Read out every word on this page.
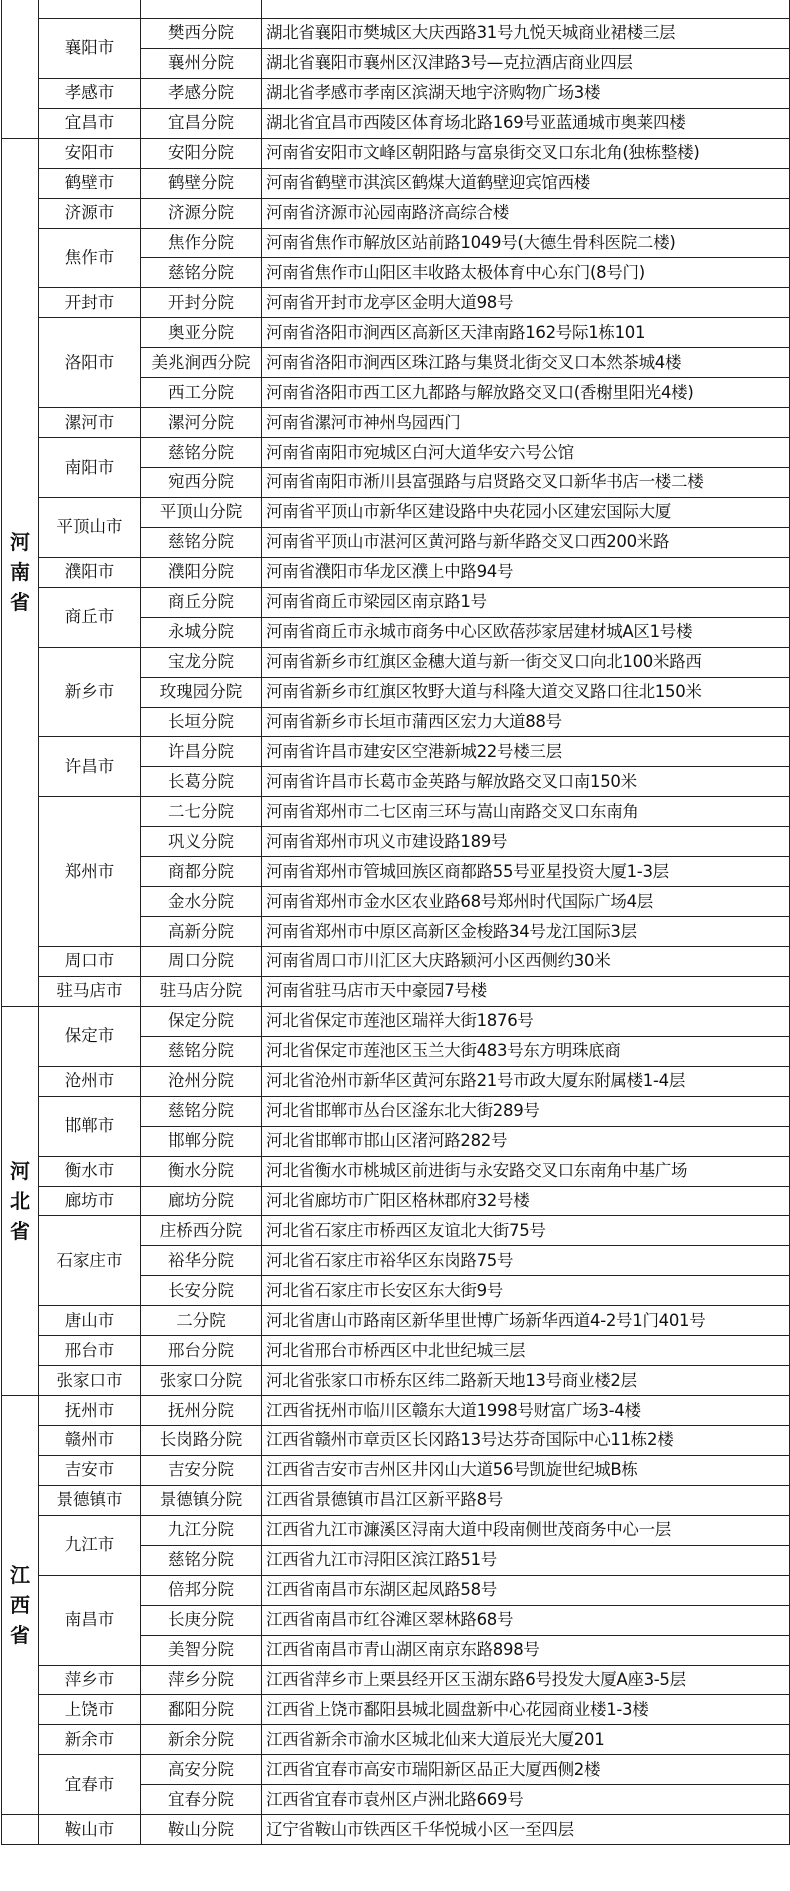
	襄阳市	樊西分院	湖北省襄阳市樊城区大庆西路31号九悦天城商业裙楼三层
		襄州分院	湖北省襄阳市襄州区汉津路3号—克拉酒店商业四层
	孝感市	孝感分院	湖北省孝感市孝南区滨湖天地宇济购物广场3楼
	宜昌市	宜昌分院	湖北省宜昌市西陵区体育场北路169号亚蓝通城市奥莱四楼
河南省	安阳市	安阳分院	河南省安阳市文峰区朝阳路与富泉街交叉口东北角(独栋整楼)
	鹤壁市	鹤壁分院	河南省鹤壁市淇滨区鹤煤大道鹤壁迎宾馆西楼
	济源市	济源分院	河南省济源市沁园南路济高综合楼
	焦作市	焦作分院	河南省焦作市解放区站前路1049号(大德生骨科医院二楼)
		慈铭分院	河南省焦作市山阳区丰收路太极体育中心东门(8号门)
	开封市	开封分院	河南省开封市龙亭区金明大道98号
	洛阳市	奥亚分院	河南省洛阳市涧西区高新区天津南路162号际1栋101
		美兆涧西分院	河南省洛阳市涧西区珠江路与集贤北街交叉口本然茶城4楼
		西工分院	河南省洛阳市西工区九都路与解放路交叉口(香榭里阳光4楼)
	漯河市	漯河分院	河南省漯河市神州鸟园西门
	南阳市	慈铭分院	河南省南阳市宛城区白河大道华安六号公馆
		宛西分院	河南省南阳市淅川县富强路与启贤路交叉口新华书店一楼二楼
	平顶山市	平顶山分院	河南省平顶山市新华区建设路中央花园小区建宏国际大厦
		慈铭分院	河南省平顶山市湛河区黄河路与新华路交叉口西200米路
	濮阳市	濮阳分院	河南省濮阳市华龙区濮上中路94号
	商丘市	商丘分院	河南省商丘市梁园区南京路1号
		永城分院	河南省商丘市永城市商务中心区欧蓓莎家居建材城A区1号楼
	新乡市	宝龙分院	河南省新乡市红旗区金穗大道与新一街交叉口向北100米路西
		玫瑰园分院	河南省新乡市红旗区牧野大道与科隆大道交叉路口往北150米
		长垣分院	河南省新乡市长垣市蒲西区宏力大道88号
	许昌市	许昌分院	河南省许昌市建安区空港新城22号楼三层
		长葛分院	河南省许昌市长葛市金英路与解放路交叉口南150米
	郑州市	二七分院	河南省郑州市二七区南三环与嵩山南路交叉口东南角
		巩义分院	河南省郑州市巩义市建设路189号
		商都分院	河南省郑州市管城回族区商都路55号亚星投资大厦1-3层
		金水分院	河南省郑州市金水区农业路68号郑州时代国际广场4层
		高新分院	河南省郑州市中原区高新区金梭路34号龙江国际3层
	周口市	周口分院	河南省周口市川汇区大庆路颍河小区西侧约30米
	驻马店市	驻马店分院	河南省驻马店市天中豪园7号楼
河北省	保定市	保定分院	河北省保定市莲池区瑞祥大街1876号
		慈铭分院	河北省保定市莲池区玉兰大街483号东方明珠底商
	沧州市	沧州分院	河北省沧州市新华区黄河东路21号市政大厦东附属楼1-4层
	邯郸市	慈铭分院	河北省邯郸市丛台区滏东北大街289号
		邯郸分院	河北省邯郸市邯山区渚河路282号
	衡水市	衡水分院	河北省衡水市桃城区前进街与永安路交叉口东南角中基广场
	廊坊市	廊坊分院	河北省廊坊市广阳区格林郡府32号楼
	石家庄市	庄桥西分院	河北省石家庄市桥西区友谊北大街75号
		裕华分院	河北省石家庄市裕华区东岗路75号
		长安分院	河北省石家庄市长安区东大街9号
	唐山市	二分院	河北省唐山市路南区新华里世博广场新华西道4-2号1门401号
	邢台市	邢台分院	河北省邢台市桥西区中北世纪城三层
	张家口市	张家口分院	河北省张家口市桥东区纬二路新天地13号商业楼2层
江西省	抚州市	抚州分院	江西省抚州市临川区赣东大道1998号财富广场3-4楼
	赣州市	长岗路分院	江西省赣州市章贡区长冈路13号达芬奇国际中心11栋2楼
	吉安市	吉安分院	江西省吉安市吉州区井冈山大道56号凯旋世纪城B栋
	景德镇市	景德镇分院	江西省景德镇市昌江区新平路8号
	九江市	九江分院	江西省九江市濂溪区浔南大道中段南侧世茂商务中心一层
		慈铭分院	江西省九江市浔阳区滨江路51号
	南昌市	倍邦分院	江西省南昌市东湖区起凤路58号
		长庚分院	江西省南昌市红谷滩区翠林路68号
		美智分院	江西省南昌市青山湖区南京东路898号
	萍乡市	萍乡分院	江西省萍乡市上栗县经开区玉湖东路6号投发大厦A座3-5层
	上饶市	鄱阳分院	江西省上饶市鄱阳县城北圆盘新中心花园商业楼1-3楼
	新余市	新余分院	江西省新余市渝水区城北仙来大道辰光大厦201
	宜春市	高安分院	江西省宜春市高安市瑞阳新区品正大厦西侧2楼
		宜春分院	江西省宜春市袁州区卢洲北路669号
	鞍山市	鞍山分院	辽宁省鞍山市铁西区千华悦城小区一至四层
